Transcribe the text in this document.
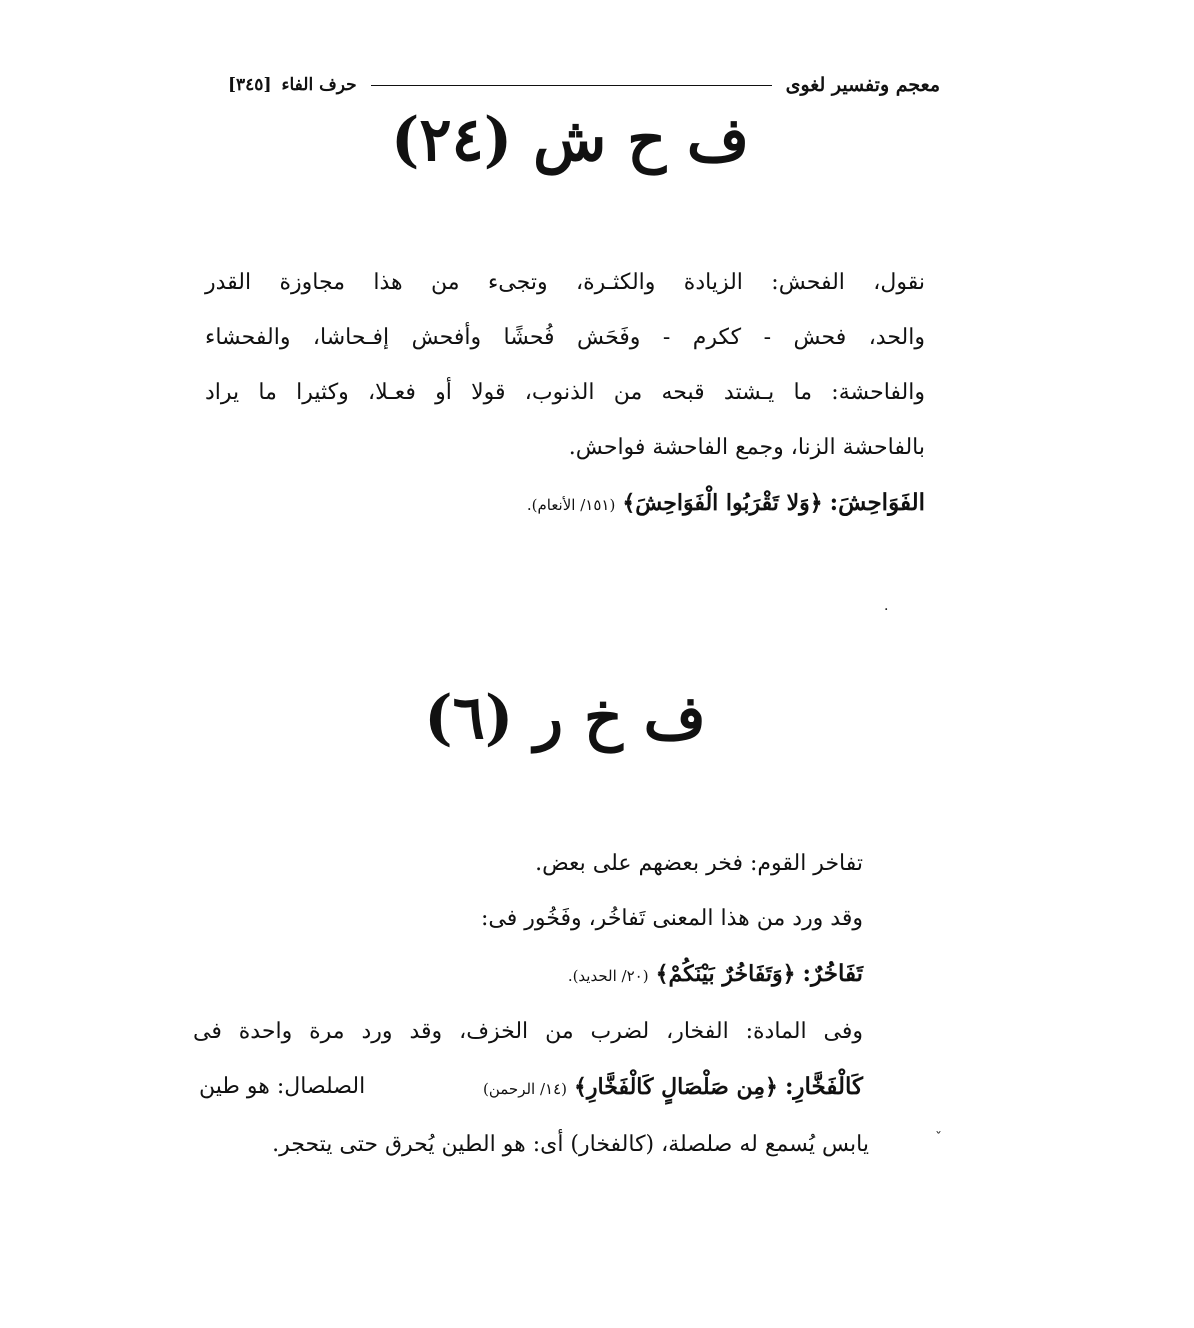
معجم وتفسير لغوى
حرف الفاء
[٣٤٥]
ف ح ش (٢٤)
نقول، الفحش: الزيادة والكثـرة، وتجىء من هذا مجاوزة القدر
والحد، فحش - ككرم - وفَحَش فُحشًا وأفحش إفـحاشا، والفحشاء
والفاحشة: ما يـشتد قبحه من الذنوب، قولا أو فعـلا، وكثيرا ما يراد
بالفاحشة الزنا، وجمع الفاحشة فواحش.
الفَوَاحِشَ: ﴿وَلا تَقْرَبُوا الْفَوَاحِشَ﴾ (١٥١/ الأنعام).
·
ف خ ر (٦)
تفاخر القوم: فخر بعضهم على بعض.
وقد ورد من هذا المعنى تَفاخُر، وفَخُور فى:
تَفَاخُرٌ: ﴿وَتَفَاخُرٌ بَيْنَكُمْ﴾ (٢٠/ الحديد).
وفى المادة: الفخار، لضرب من الخزف، وقد ورد مرة واحدة فى
كَالْفَخَّارِ: ﴿مِن صَلْصَالٍ كَالْفَخَّارِ﴾ (١٤/ الرحمن)
الصلصال: هو طين
يابس يُسمع له صلصلة، (كالفخار) أى: هو الطين يُحرق حتى يتحجر.	ˇ
